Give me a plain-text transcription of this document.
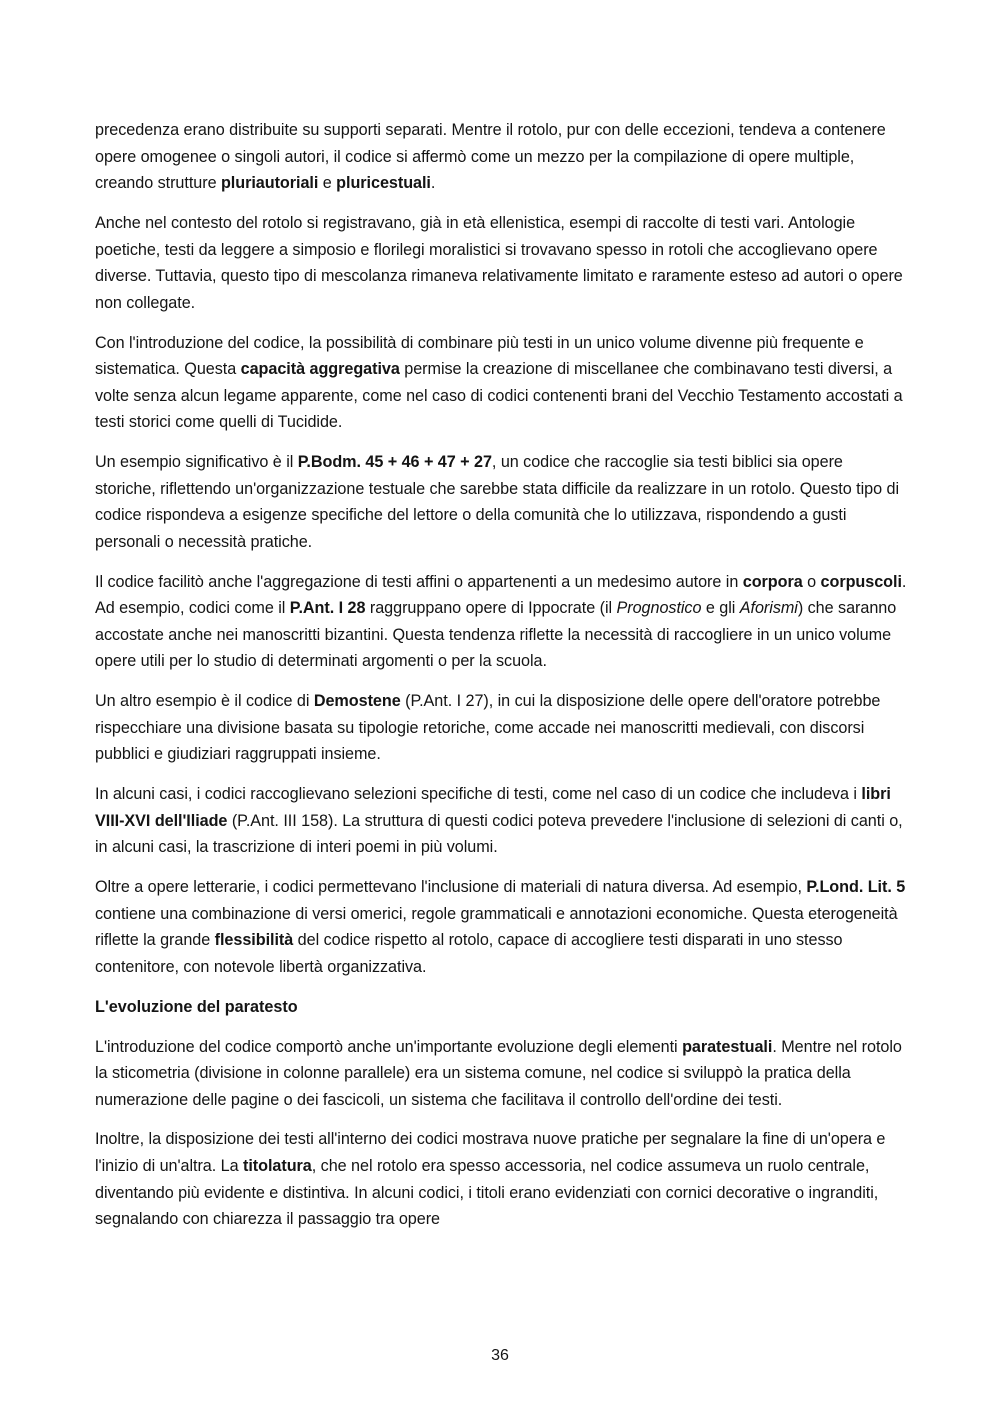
precedenza erano distribuite su supporti separati. Mentre il rotolo, pur con delle eccezioni, tendeva a contenere opere omogenee o singoli autori, il codice si affermò come un mezzo per la compilazione di opere multiple, creando strutture pluriautoriali e pluricestuali.

Anche nel contesto del rotolo si registravano, già in età ellenistica, esempi di raccolte di testi vari. Antologie poetiche, testi da leggere a simposio e florilegi moralistici si trovavano spesso in rotoli che accoglievano opere diverse. Tuttavia, questo tipo di mescolanza rimaneva relativamente limitato e raramente esteso ad autori o opere non collegate.

Con l'introduzione del codice, la possibilità di combinare più testi in un unico volume divenne più frequente e sistematica. Questa capacità aggregativa permise la creazione di miscellanee che combinavano testi diversi, a volte senza alcun legame apparente, come nel caso di codici contenenti brani del Vecchio Testamento accostati a testi storici come quelli di Tucidide.

Un esempio significativo è il P.Bodm. 45 + 46 + 47 + 27, un codice che raccoglie sia testi biblici sia opere storiche, riflettendo un'organizzazione testuale che sarebbe stata difficile da realizzare in un rotolo. Questo tipo di codice rispondeva a esigenze specifiche del lettore o della comunità che lo utilizzava, rispondendo a gusti personali o necessità pratiche.

Il codice facilitò anche l'aggregazione di testi affini o appartenenti a un medesimo autore in corpora o corpuscoli. Ad esempio, codici come il P.Ant. I 28 raggruppano opere di Ippocrate (il Prognostico e gli Aforismi) che saranno accostate anche nei manoscritti bizantini. Questa tendenza riflette la necessità di raccogliere in un unico volume opere utili per lo studio di determinati argomenti o per la scuola.

Un altro esempio è il codice di Demostene (P.Ant. I 27), in cui la disposizione delle opere dell'oratore potrebbe rispecchiare una divisione basata su tipologie retoriche, come accade nei manoscritti medievali, con discorsi pubblici e giudiziari raggruppati insieme.

In alcuni casi, i codici raccoglievano selezioni specifiche di testi, come nel caso di un codice che includeva i libri VIII-XVI dell'Iliade (P.Ant. III 158). La struttura di questi codici poteva prevedere l'inclusione di selezioni di canti o, in alcuni casi, la trascrizione di interi poemi in più volumi.

Oltre a opere letterarie, i codici permettevano l'inclusione di materiali di natura diversa. Ad esempio, P.Lond. Lit. 5 contiene una combinazione di versi omerici, regole grammaticali e annotazioni economiche. Questa eterogeneità riflette la grande flessibilità del codice rispetto al rotolo, capace di accogliere testi disparati in uno stesso contenitore, con notevole libertà organizzativa.

L'evoluzione del paratesto

L'introduzione del codice comportò anche un'importante evoluzione degli elementi paratestuali. Mentre nel rotolo la sticometria (divisione in colonne parallele) era un sistema comune, nel codice si sviluppò la pratica della numerazione delle pagine o dei fascicoli, un sistema che facilitava il controllo dell'ordine dei testi.

Inoltre, la disposizione dei testi all'interno dei codici mostrava nuove pratiche per segnalare la fine di un'opera e l'inizio di un'altra. La titolatura, che nel rotolo era spesso accessoria, nel codice assumeva un ruolo centrale, diventando più evidente e distintiva. In alcuni codici, i titoli erano evidenziati con cornici decorative o ingranditi, segnalando con chiarezza il passaggio tra opere

36
